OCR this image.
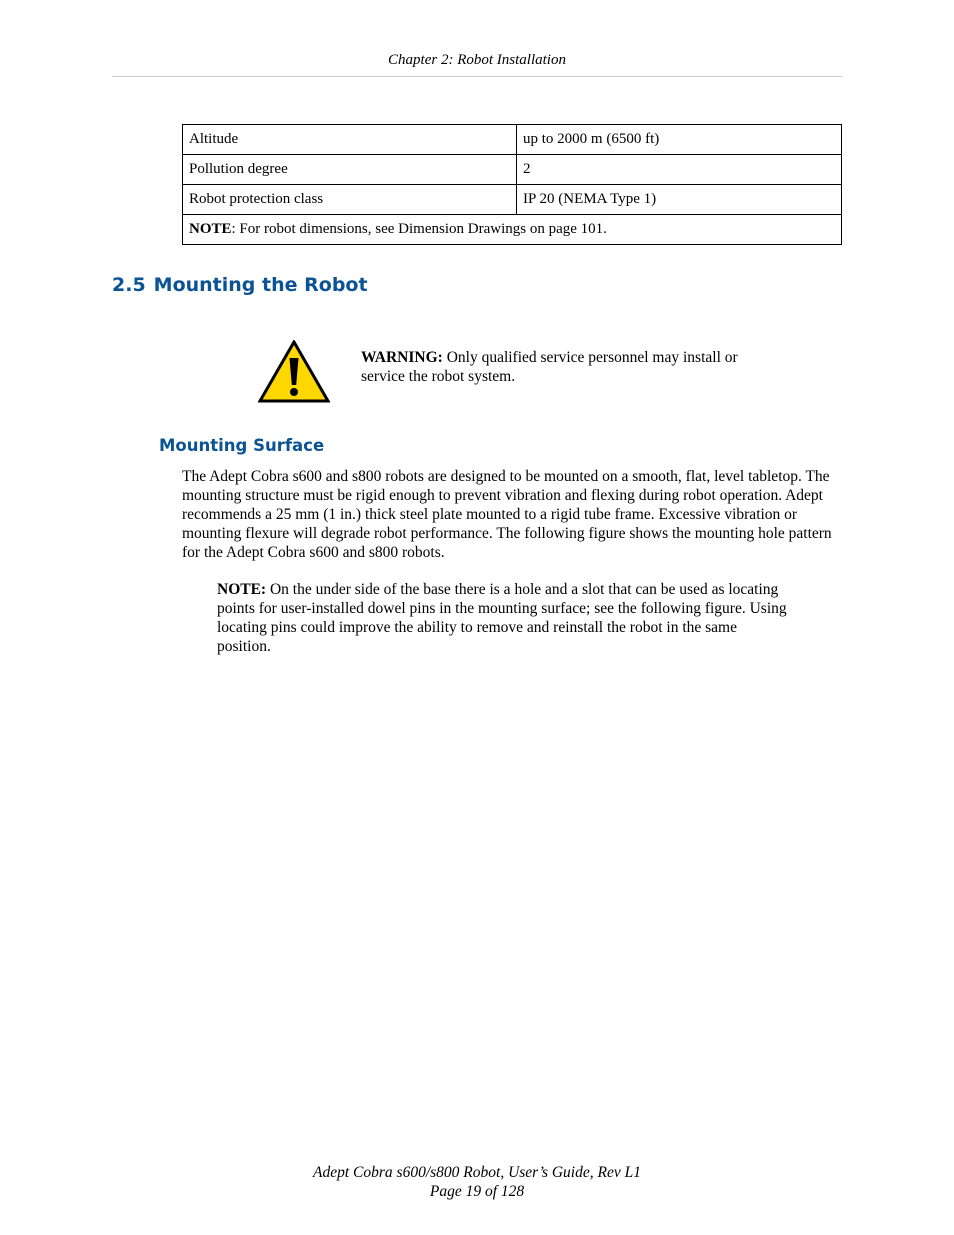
Chapter 2: Robot Installation
Altitude	up to 2000 m (6500 ft)
Pollution degree	2
Robot protection class	IP 20 (NEMA Type 1)
NOTE: For robot dimensions, see Dimension Drawings on page 101.	
2.5 Mounting the Robot
WARNING: Only qualified service personnel may install or service the robot system.
Mounting Surface
The Adept Cobra s600 and s800 robots are designed to be mounted on a smooth, flat, level tabletop. The mounting structure must be rigid enough to prevent vibration and flexing during robot operation. Adept recommends a 25 mm (1 in.) thick steel plate mounted to a rigid tube frame. Excessive vibration or mounting flexure will degrade robot performance. The following figure shows the mounting hole pattern for the Adept Cobra s600 and s800 robots.
NOTE: On the under side of the base there is a hole and a slot that can be used as locating points for user-installed dowel pins in the mounting surface; see the following figure. Using locating pins could improve the ability to remove and reinstall the robot in the same position.
Adept Cobra s600/s800 Robot, User’s Guide, Rev L1
Page 19 of 128
